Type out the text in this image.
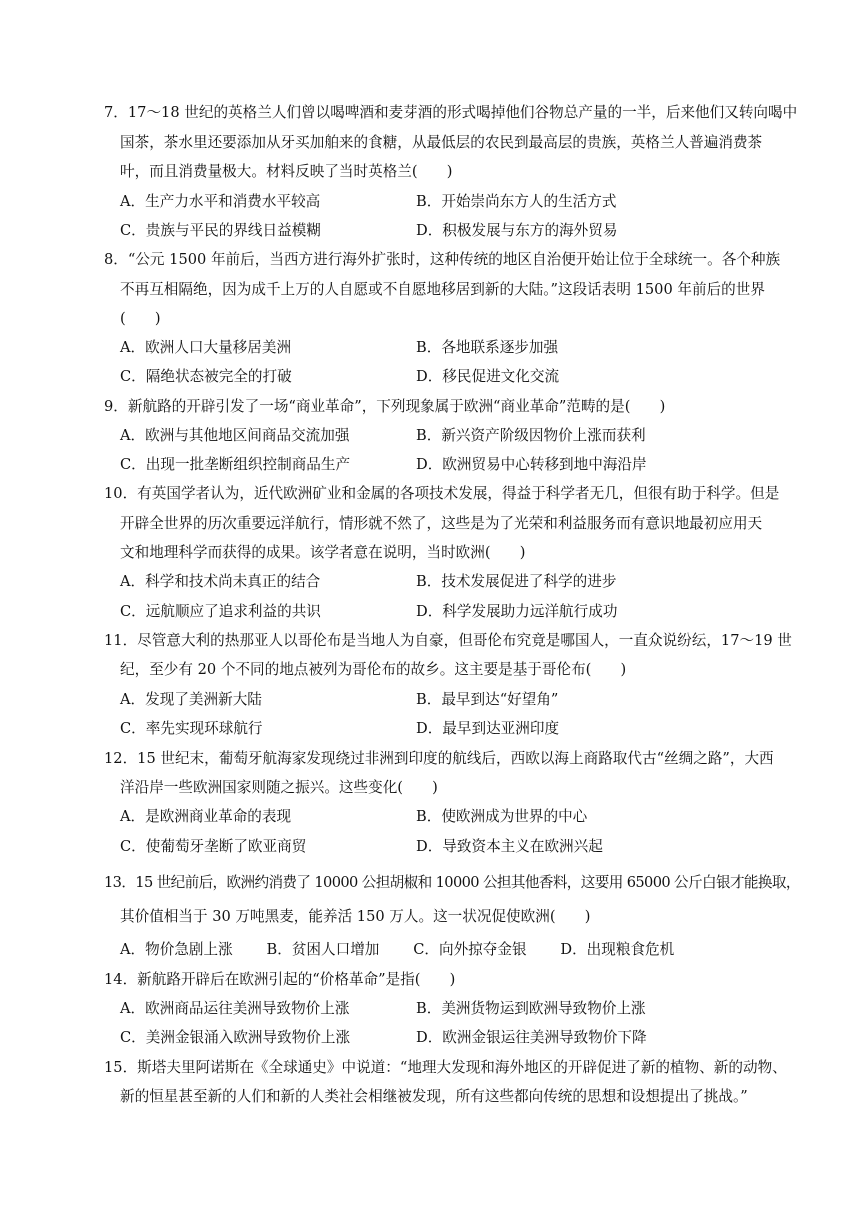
7．17～18 世纪的英格兰人们曾以喝啤酒和麦芽酒的形式喝掉他们谷物总产量的一半，后来他们又转向喝中
国茶，茶水里还要添加从牙买加舶来的食糖，从最低层的农民到最高层的贵族，英格兰人普遍消费茶
叶，而且消费量极大。材料反映了当时英格兰(　　)
A．生产力水平和消费水平较高	B．开始崇尚东方人的生活方式
C．贵族与平民的界线日益模糊	D．积极发展与东方的海外贸易
8．“公元 1500 年前后，当西方进行海外扩张时，这种传统的地区自治便开始让位于全球统一。各个种族
不再互相隔绝，因为成千上万的人自愿或不自愿地移居到新的大陆。”这段话表明 1500 年前后的世界
(　　)
A．欧洲人口大量移居美洲	B．各地联系逐步加强
C．隔绝状态被完全的打破	D．移民促进文化交流
9．新航路的开辟引发了一场“商业革命”，下列现象属于欧洲“商业革命”范畴的是(　　)
A．欧洲与其他地区间商品交流加强	B．新兴资产阶级因物价上涨而获利
C．出现一批垄断组织控制商品生产	D．欧洲贸易中心转移到地中海沿岸
10．有英国学者认为，近代欧洲矿业和金属的各项技术发展，得益于科学者无几，但很有助于科学。但是
开辟全世界的历次重要远洋航行，情形就不然了，这些是为了光荣和利益服务而有意识地最初应用天
文和地理科学而获得的成果。该学者意在说明，当时欧洲(　　)
A．科学和技术尚未真正的结合	B．技术发展促进了科学的进步
C．远航顺应了追求利益的共识	D．科学发展助力远洋航行成功
11．尽管意大利的热那亚人以哥伦布是当地人为自豪，但哥伦布究竟是哪国人，一直众说纷纭，17～19 世
纪，至少有 20 个不同的地点被列为哥伦布的故乡。这主要是基于哥伦布(　　)
A．发现了美洲新大陆	B．最早到达“好望角”
C．率先实现环球航行	D．最早到达亚洲印度
12．15 世纪末，葡萄牙航海家发现绕过非洲到印度的航线后，西欧以海上商路取代古“丝绸之路”，大西
洋沿岸一些欧洲国家则随之振兴。这些变化(　　)
A．是欧洲商业革命的表现	B．使欧洲成为世界的中心
C．使葡萄牙垄断了欧亚商贸	D．导致资本主义在欧洲兴起
13．15 世纪前后，欧洲约消费了 10000 公担胡椒和 10000 公担其他香料，这要用 65000 公斤白银才能换取，
其价值相当于 30 万吨黑麦，能养活 150 万人。这一状况促使欧洲(　　)
A．物价急剧上涨　　 B．贫困人口增加　　 C．向外掠夺金银　　 D．出现粮食危机
14．新航路开辟后在欧洲引起的“价格革命”是指(　　)
A．欧洲商品运往美洲导致物价上涨	B．美洲货物运到欧洲导致物价上涨
C．美洲金银涌入欧洲导致物价上涨	D．欧洲金银运往美洲导致物价下降
15．斯塔夫里阿诺斯在《全球通史》中说道：“地理大发现和海外地区的开辟促进了新的植物、新的动物、
新的恒星甚至新的人们和新的人类社会相继被发现，所有这些都向传统的思想和设想提出了挑战。”
